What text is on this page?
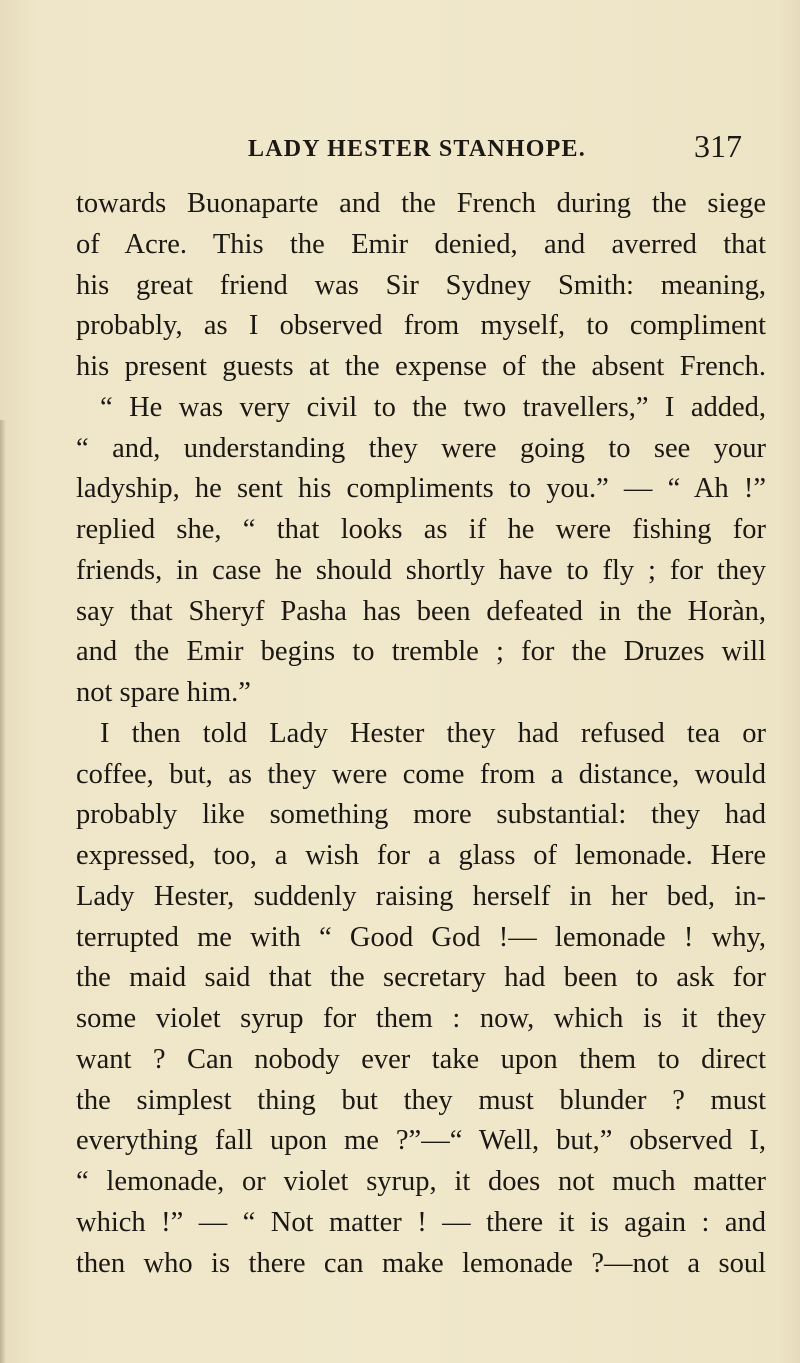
LADY HESTER STANHOPE.	317
towards Buonaparte and the French during the siege
of Acre. This the Emir denied, and averred that
his great friend was Sir Sydney Smith: meaning,
probably, as I observed from myself, to compliment
his present guests at the expense of the absent French.
“ He was very civil to the two travellers,” I added,
“ and, understanding they were going to see your
ladyship, he sent his compliments to you.” — “ Ah !”
replied she, “ that looks as if he were fishing for
friends, in case he should shortly have to fly ; for they
say that Sheryf Pasha has been defeated in the Horàn,
and the Emir begins to tremble ; for the Druzes will
not spare him.”
I then told Lady Hester they had refused tea or
coffee, but, as they were come from a distance, would
probably like something more substantial: they had
expressed, too, a wish for a glass of lemonade. Here
Lady Hester, suddenly raising herself in her bed, in-
terrupted me with “ Good God !— lemonade ! why,
the maid said that the secretary had been to ask for
some violet syrup for them : now, which is it they
want ? Can nobody ever take upon them to direct
the simplest thing but they must blunder ? must
everything fall upon me ?”—“ Well, but,” observed I,
“ lemonade, or violet syrup, it does not much matter
which !” — “ Not matter ! — there it is again : and
then who is there can make lemonade ?—not a soul
